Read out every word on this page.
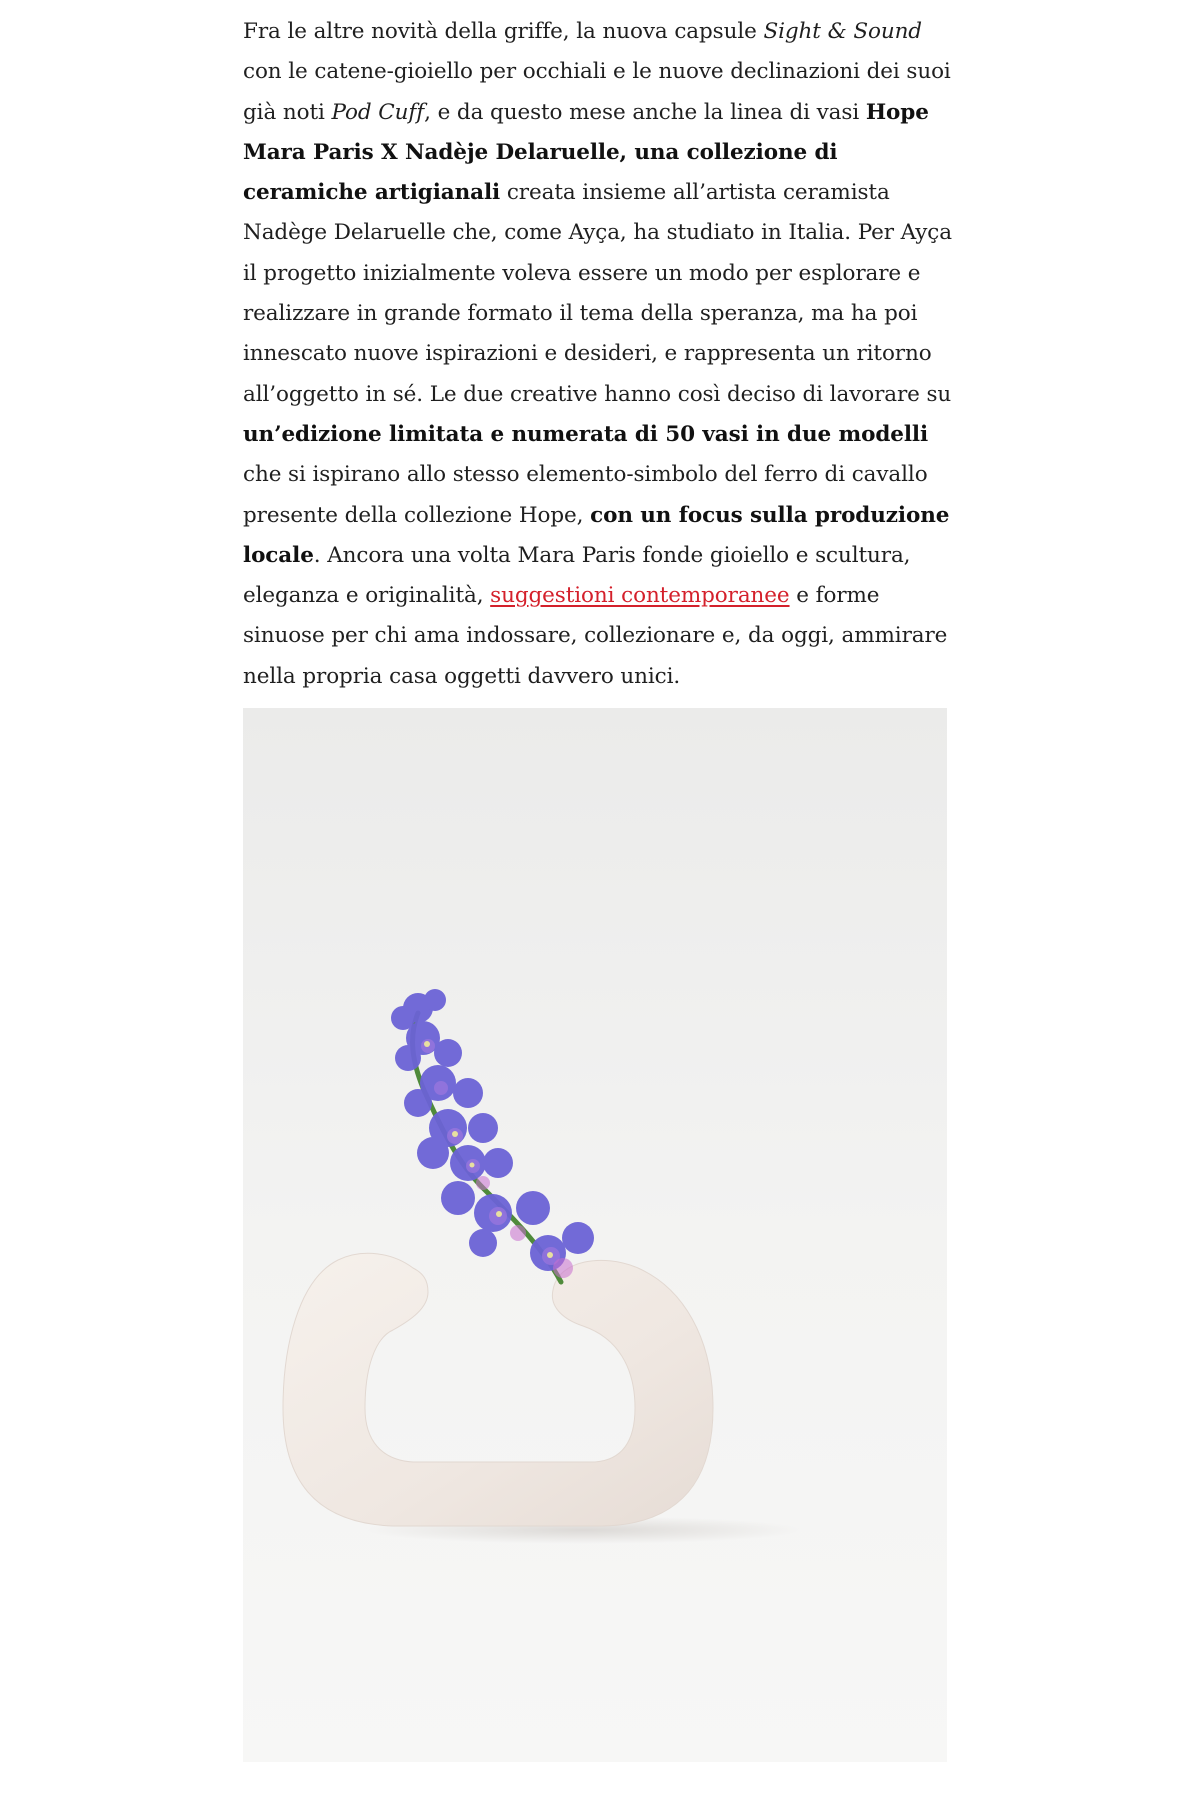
Fra le altre novità della griffe, la nuova capsule Sight & Sound con le catene-gioiello per occhiali e le nuove declinazioni dei suoi già noti Pod Cuff, e da questo mese anche la linea di vasi Hope Mara Paris X Nadèje Delaruelle, una collezione di ceramiche artigianali creata insieme all’artista ceramista Nadège Delaruelle che, come Ayça, ha studiato in Italia. Per Ayça il progetto inizialmente voleva essere un modo per esplorare e realizzare in grande formato il tema della speranza, ma ha poi innescato nuove ispirazioni e desideri, e rappresenta un ritorno all’oggetto in sé. Le due creative hanno così deciso di lavorare su un’edizione limitata e numerata di 50 vasi in due modelli che si ispirano allo stesso elemento-simbolo del ferro di cavallo presente della collezione Hope, con un focus sulla produzione locale. Ancora una volta Mara Paris fonde gioiello e scultura, eleganza e originalità, suggestioni contemporanee e forme sinuose per chi ama indossare, collezionare e, da oggi, ammirare nella propria casa oggetti davvero unici.
